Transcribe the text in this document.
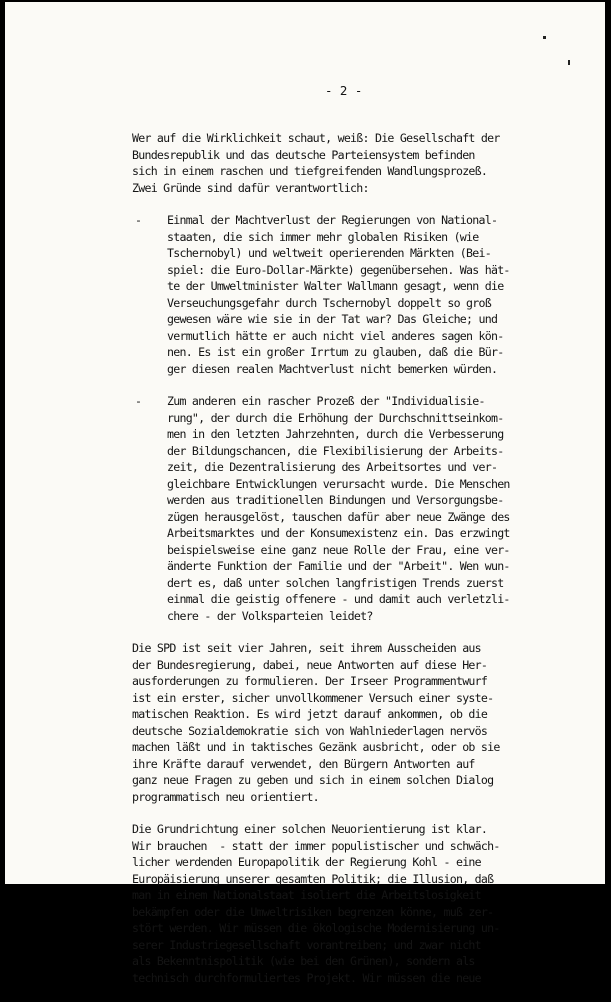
- 2 -
Wer auf die Wirklichkeit schaut, weiß: Die Gesellschaft der
Bundesrepublik und das deutsche Parteiensystem befinden
sich in einem raschen und tiefgreifenden Wandlungsprozeß.
Zwei Gründe sind dafür verantwortlich:
- Einmal der Machtverlust der Regierungen von National-
staaten, die sich immer mehr globalen Risiken (wie
Tschernobyl) und weltweit operierenden Märkten (Bei-
spiel: die Euro-Dollar-Märkte) gegenübersehen. Was hät-
te der Umweltminister Walter Wallmann gesagt, wenn die
Verseuchungsgefahr durch Tschernobyl doppelt so groß
gewesen wäre wie sie in der Tat war? Das Gleiche; und
vermutlich hätte er auch nicht viel anderes sagen kön-
nen. Es ist ein großer Irrtum zu glauben, daß die Bür-
ger diesen realen Machtverlust nicht bemerken würden.
- Zum anderen ein rascher Prozeß der "Individualisie-
rung", der durch die Erhöhung der Durchschnittseinkom-
men in den letzten Jahrzehnten, durch die Verbesserung
der Bildungschancen, die Flexibilisierung der Arbeits-
zeit, die Dezentralisierung des Arbeitsortes und ver-
gleichbare Entwicklungen verursacht wurde. Die Menschen
werden aus traditionellen Bindungen und Versorgungsbe-
zügen herausgelöst, tauschen dafür aber neue Zwänge des
Arbeitsmarktes und der Konsumexistenz ein. Das erzwingt
beispielsweise eine ganz neue Rolle der Frau, eine ver-
änderte Funktion der Familie und der "Arbeit". Wen wun-
dert es, daß unter solchen langfristigen Trends zuerst
einmal die geistig offenere - und damit auch verletzli-
chere - der Volksparteien leidet?
Die SPD ist seit vier Jahren, seit ihrem Ausscheiden aus
der Bundesregierung, dabei, neue Antworten auf diese Her-
ausforderungen zu formulieren. Der Irseer Programmentwurf
ist ein erster, sicher unvollkommener Versuch einer syste-
matischen Reaktion. Es wird jetzt darauf ankommen, ob die
deutsche Sozialdemokratie sich von Wahlniederlagen nervös
machen läßt und in taktisches Gezänk ausbricht, oder ob sie
ihre Kräfte darauf verwendet, den Bürgern Antworten auf
ganz neue Fragen zu geben und sich in einem solchen Dialog
programmatisch neu orientiert.
Die Grundrichtung einer solchen Neuorientierung ist klar.
Wir brauchen  - statt der immer populistischer und schwäch-
licher werdenden Europapolitik der Regierung Kohl - eine
Europäisierung unserer gesamten Politik; die Illusion, daß
man in einem Nationalstaat isoliert die Arbeitslosigkeit
bekämpfen oder die Umweltrisiken begrenzen könne, muß zer-
stört werden. Wir müssen die ökologische Modernisierung un-
serer Industriegesellschaft vorantreiben; und zwar nicht
als Bekenntnispolitik (wie bei den Grünen), sondern als
technisch durchformuliertes Projekt. Wir müssen die neue
